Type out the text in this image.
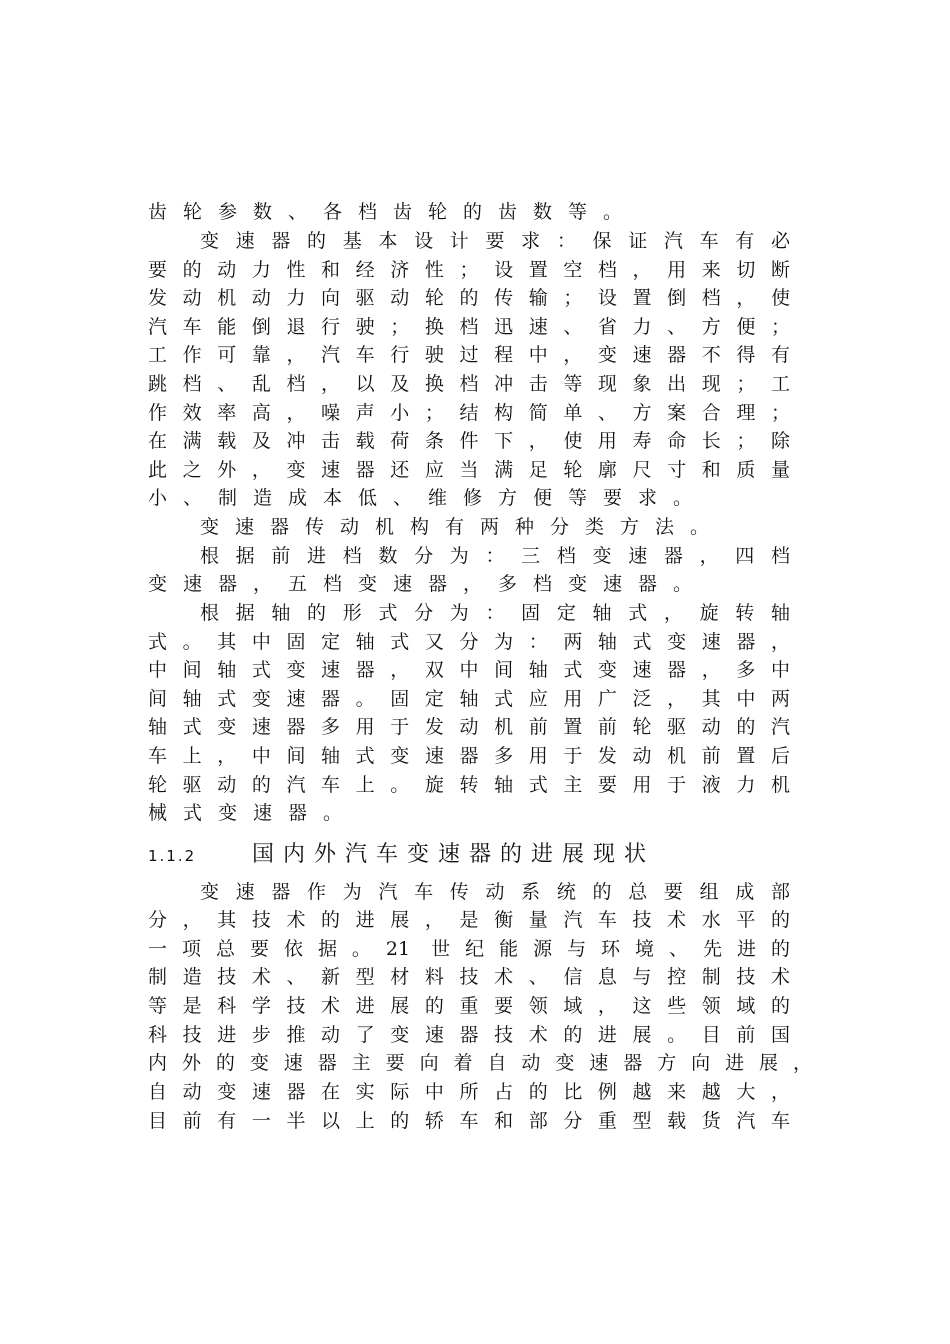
齿轮参数、各档齿轮的齿数等。
变速器的基本设计要求：保证汽车有必
要的动力性和经济性；设置空档，用来切断
发动机动力向驱动轮的传输；设置倒档，使
汽车能倒退行驶；换档迅速、省力、方便；
工作可靠，汽车行驶过程中，变速器不得有
跳档、乱档，以及换档冲击等现象出现；工
作效率高，噪声小；结构简单、方案合理；
在满载及冲击载荷条件下，使用寿命长；除
此之外，变速器还应当满足轮廓尺寸和质量
小、制造成本低、维修方便等要求。
变速器传动机构有两种分类方法。
根据前进档数分为：三档变速器，四档
变速器，五档变速器，多档变速器。
根据轴的形式分为：固定轴式，旋转轴
式。其中固定轴式又分为：两轴式变速器，
中间轴式变速器，双中间轴式变速器，多中
间轴式变速器。固定轴式应用广泛，其中两
轴式变速器多用于发动机前置前轮驱动的汽
车上，中间轴式变速器多用于发动机前置后
轮驱动的汽车上。旋转轴式主要用于液力机
械式变速器。
1.1.2	国内外汽车变速器的进展现状
变速器作为汽车传动系统的总要组成部
分，其技术的进展，是衡量汽车技术水平的
一项总要依据。21 世纪能源与环境、先进的
制造技术、新型材料技术、信息与控制技术
等是科学技术进展的重要领域，这些领域的
科技进步推动了变速器技术的进展。目前国
内外的变速器主要向着自动变速器方向进展，
自动变速器在实际中所占的比例越来越大，
目前有一半以上的轿车和部分重型载货汽车
